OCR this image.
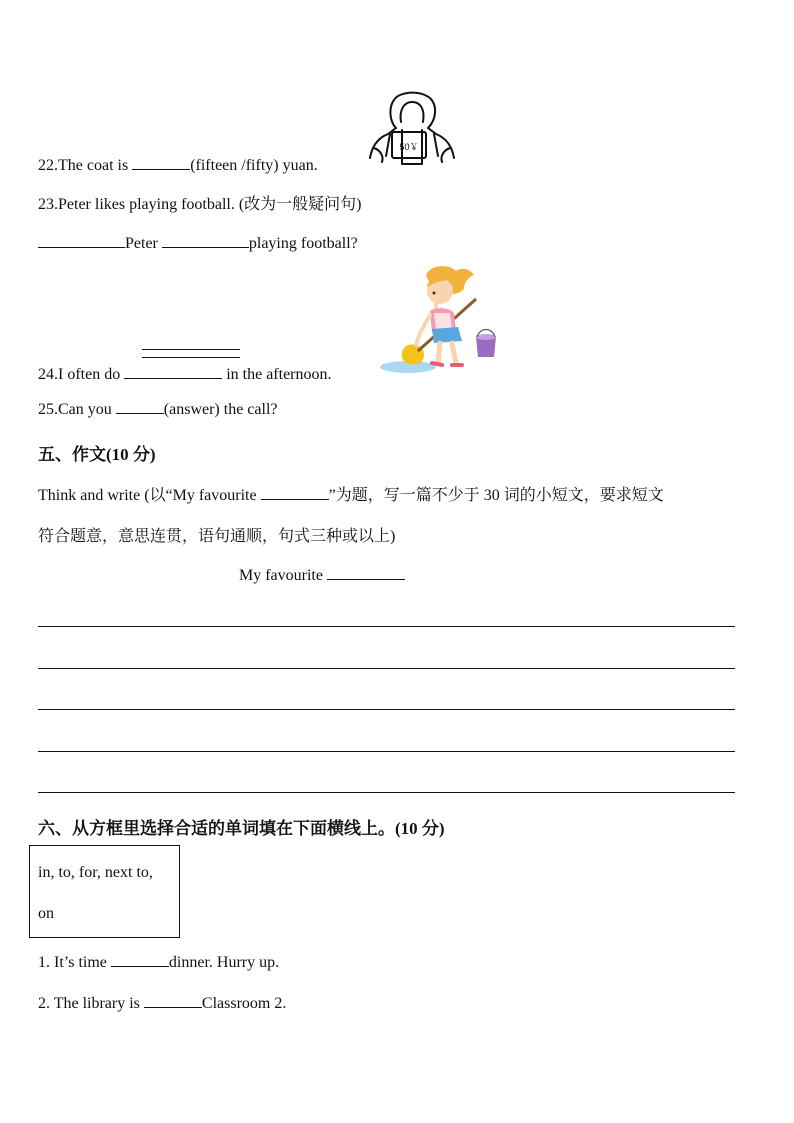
50￥
22.The coat is	(fifteen /fifty) yuan.
23.Peter likes playing football. (改为一般疑问句)
Peter	playing football?
24.I often do	in the afternoon.
25.Can you	(answer) the call?
五、作文(10 分)
Think and write (以“My favourite	”为题，写一篇不少于 30 词的小短文，要求短文
符合题意，意思连贯，语句通顺，句式三种或以上)
My favourite
六、从方框里选择合适的单词填在下面横线上。(10 分)
in, to, for, next to,
on
1. It’s time	dinner. Hurry up.
2. The library is	Classroom 2.
